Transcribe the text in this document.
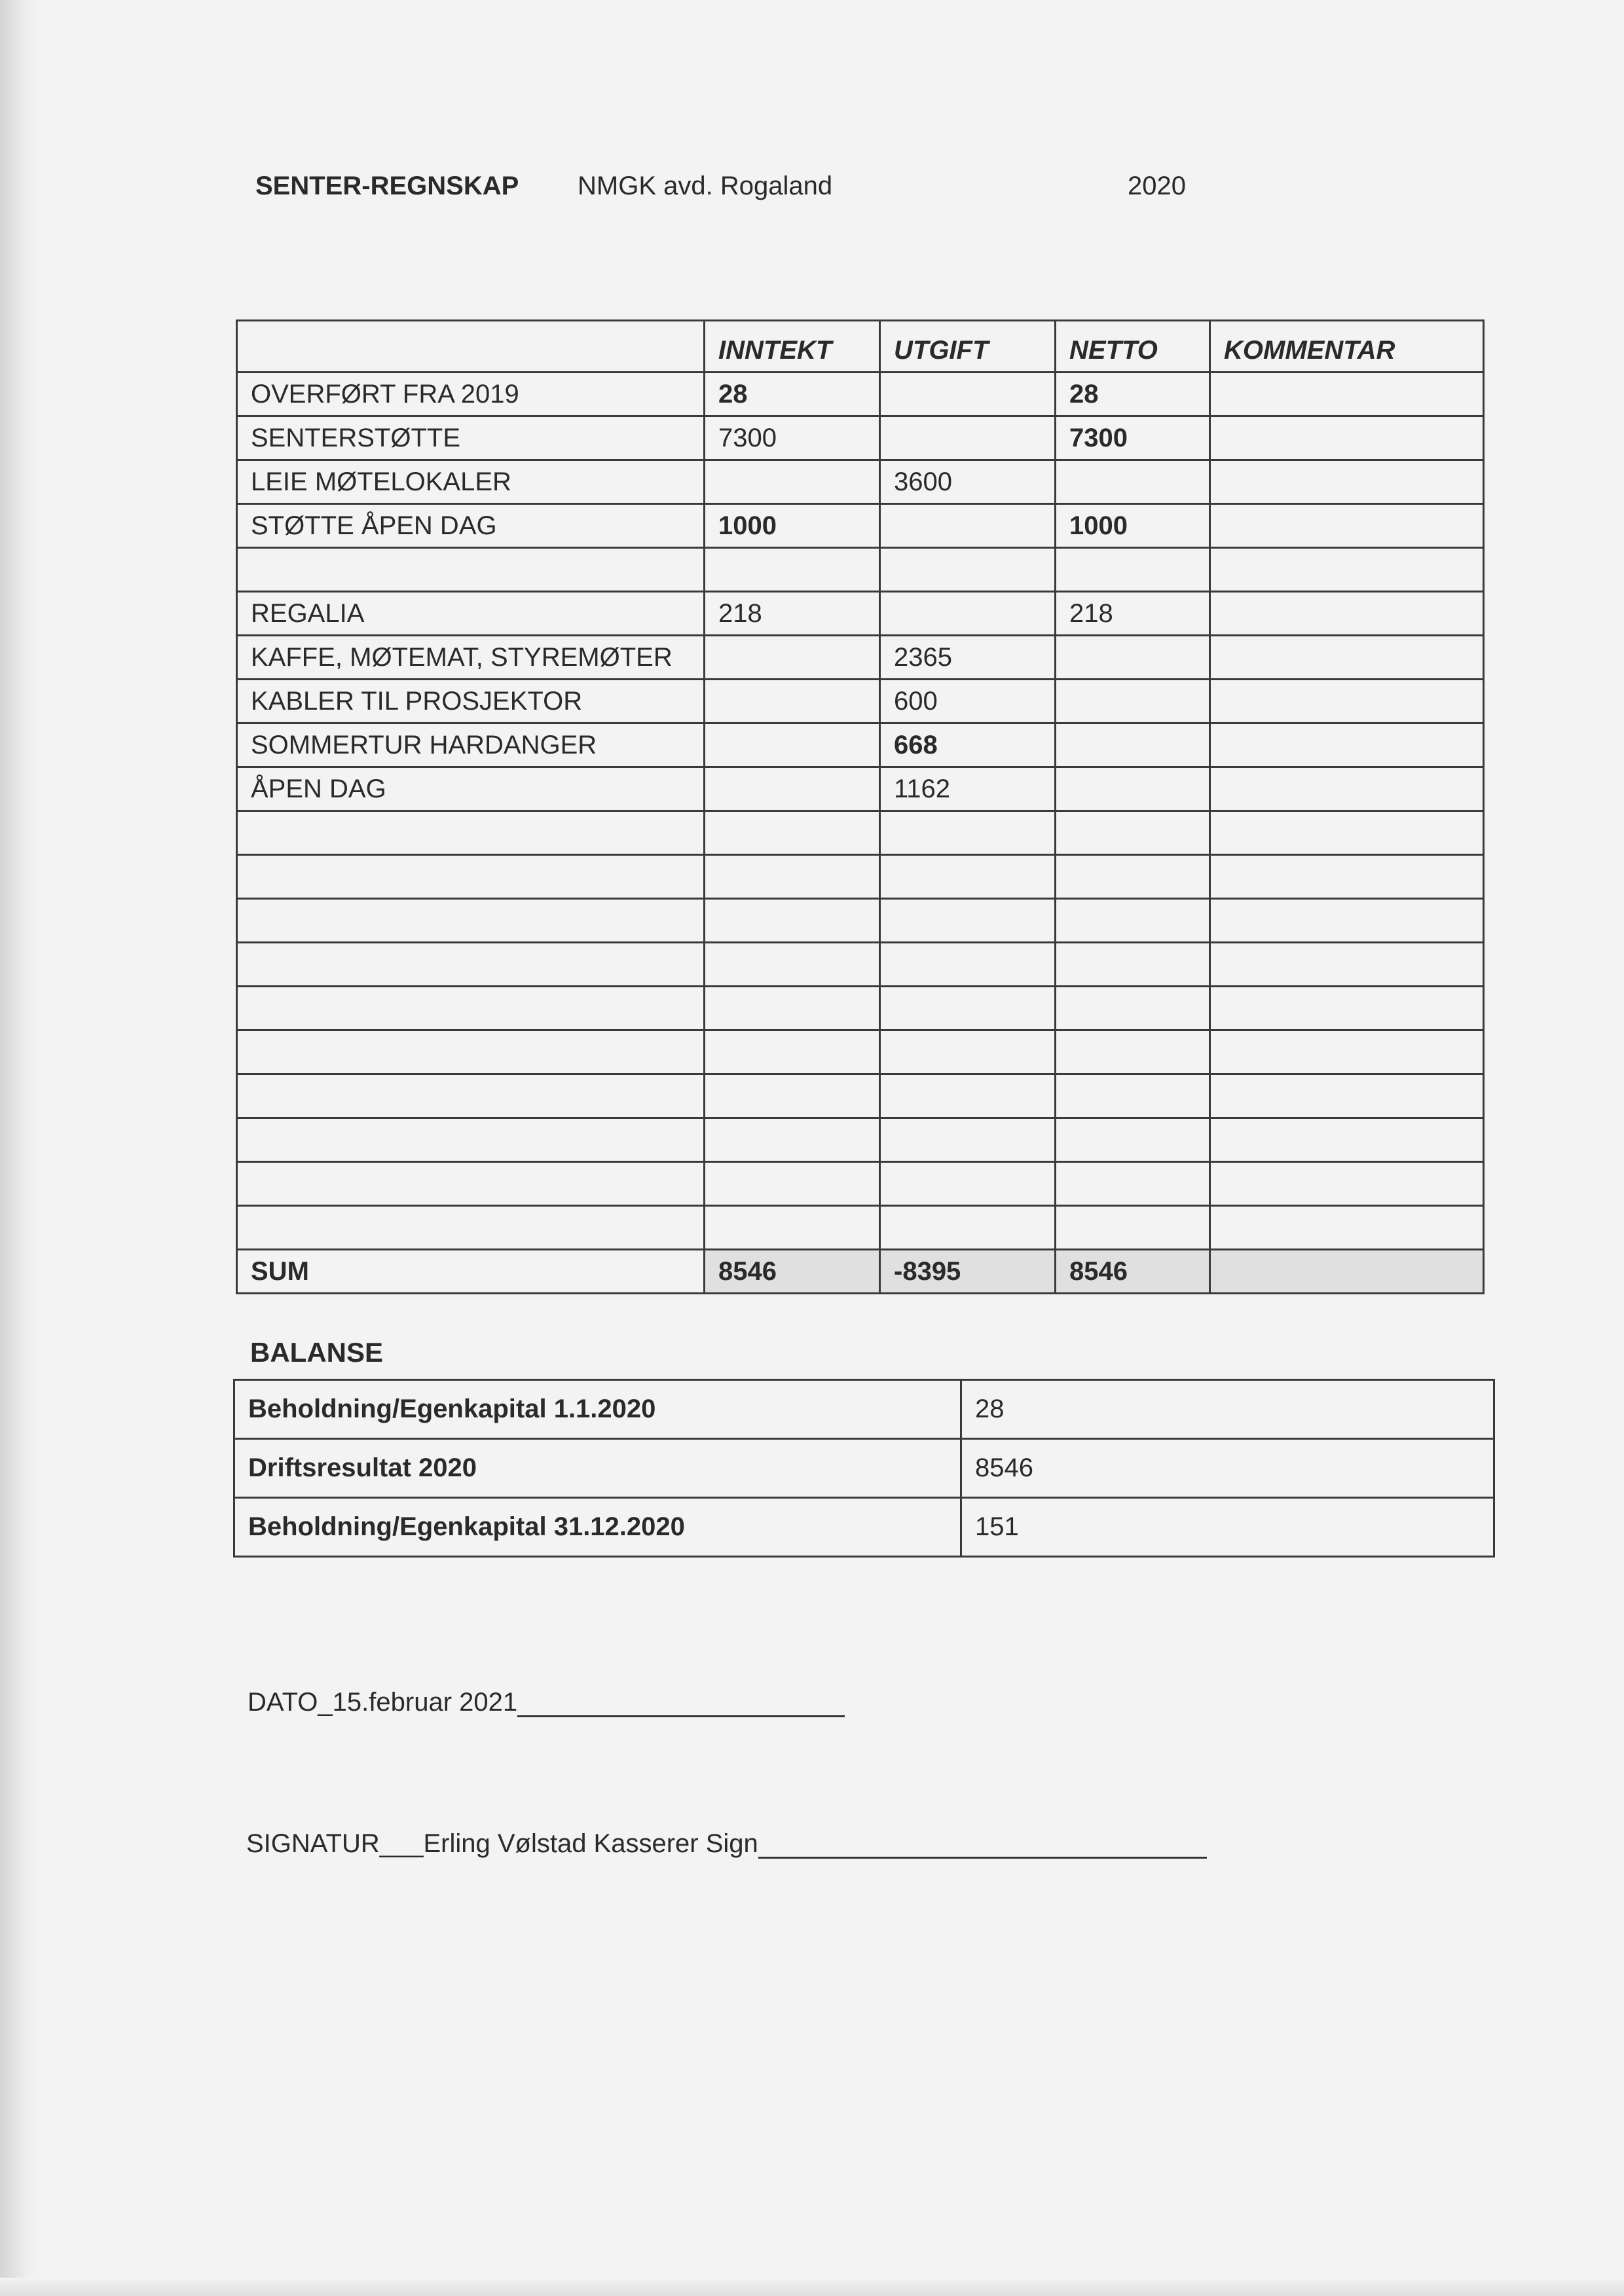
SENTER-REGNSKAP NMGK avd. Rogaland	2020
	INNTEKT	UTGIFT	NETTO	KOMMENTAR
OVERFØRT FRA 2019	28		28	
SENTERSTØTTE	7300		7300	
LEIE MØTELOKALER		3600		
STØTTE ÅPEN DAG	1000		1000	

REGALIA	218		218	
KAFFE, MØTEMAT, STYREMØTER		2365		
KABLER TIL PROSJEKTOR		600		
SOMMERTUR HARDANGER		668		
ÅPEN DAG		1162		

SUM	8546	-8395	8546	
BALANSE
Beholdning/Egenkapital 1.1.2020	28
Driftsresultat 2020	8546
Beholdning/Egenkapital 31.12.2020	151
DATO_15.februar 2021
SIGNATUR___Erling Vølstad Kasserer Sign
